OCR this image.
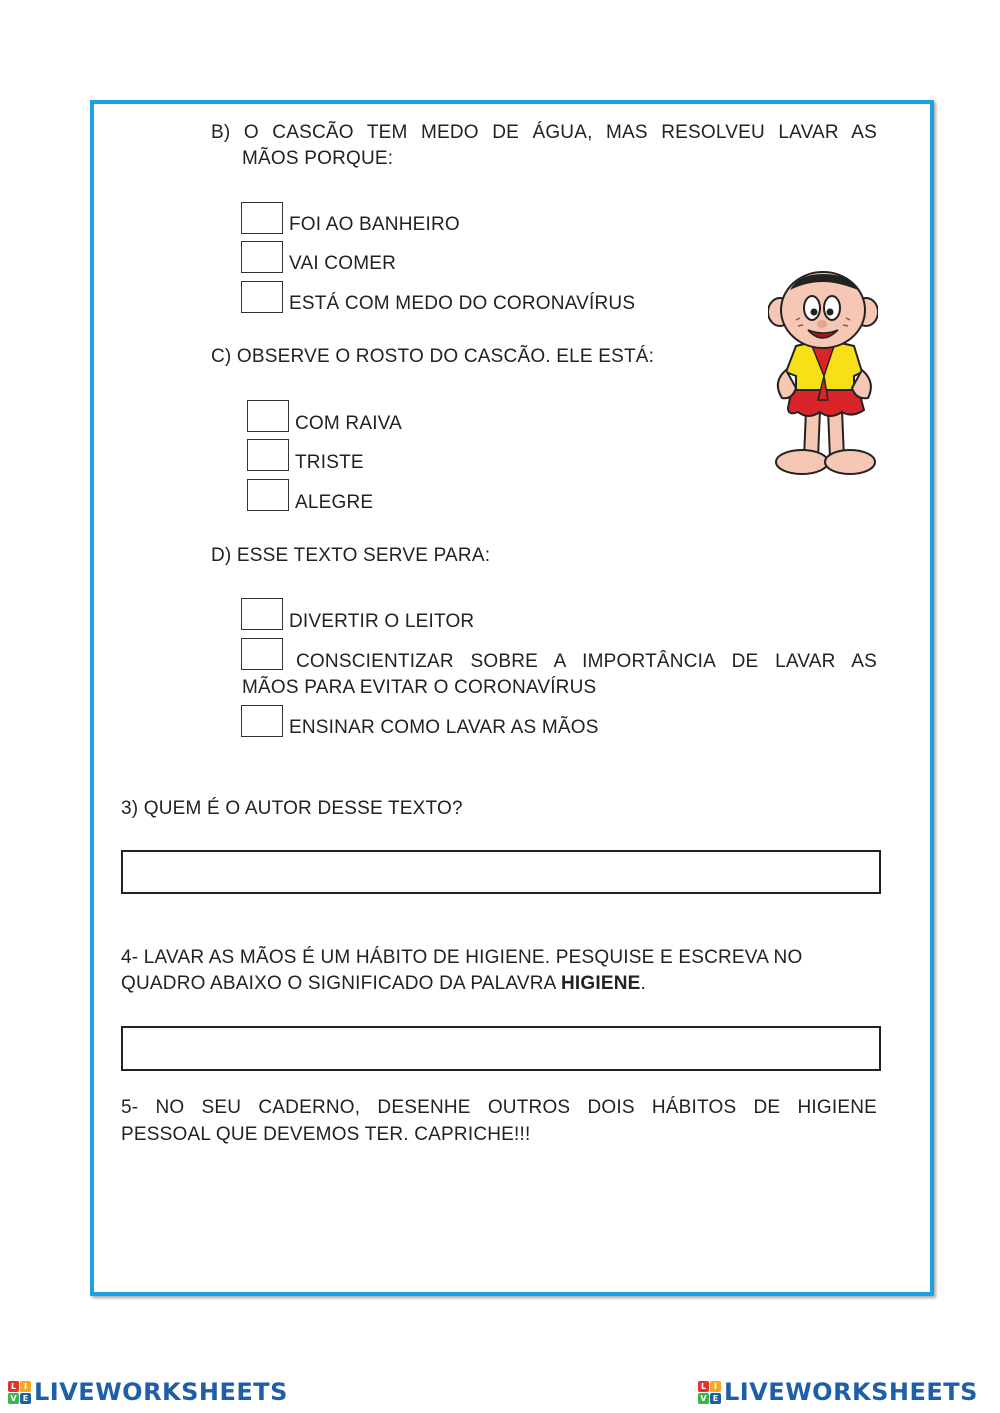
B) O CASCÃO TEM MEDO DE ÁGUA, MAS RESOLVEU LAVAR AS
MÃOS PORQUE:
FOI AO BANHEIRO
VAI COMER
ESTÁ COM MEDO DO CORONAVÍRUS
C) OBSERVE O ROSTO DO CASCÃO. ELE ESTÁ:
COM RAIVA
TRISTE
ALEGRE
D) ESSE TEXTO SERVE PARA:
DIVERTIR O LEITOR
CONSCIENTIZAR SOBRE A IMPORTÂNCIA DE LAVAR AS
MÃOS PARA EVITAR O CORONAVÍRUS
ENSINAR COMO LAVAR AS MÃOS
3) QUEM É O AUTOR DESSE TEXTO?
4- LAVAR AS MÃOS É UM HÁBITO DE HIGIENE. PESQUISE E ESCREVA NO
QUADRO ABAIXO O SIGNIFICADO DA PALAVRA HIGIENE.
5- NO SEU CADERNO, DESENHE OUTROS DOIS HÁBITOS DE HIGIENE
PESSOAL QUE DEVEMOS TER. CAPRICHE!!!
L I
V E LIVEWORKSHEETS	L I
V E LIVEWORKSHEETS
